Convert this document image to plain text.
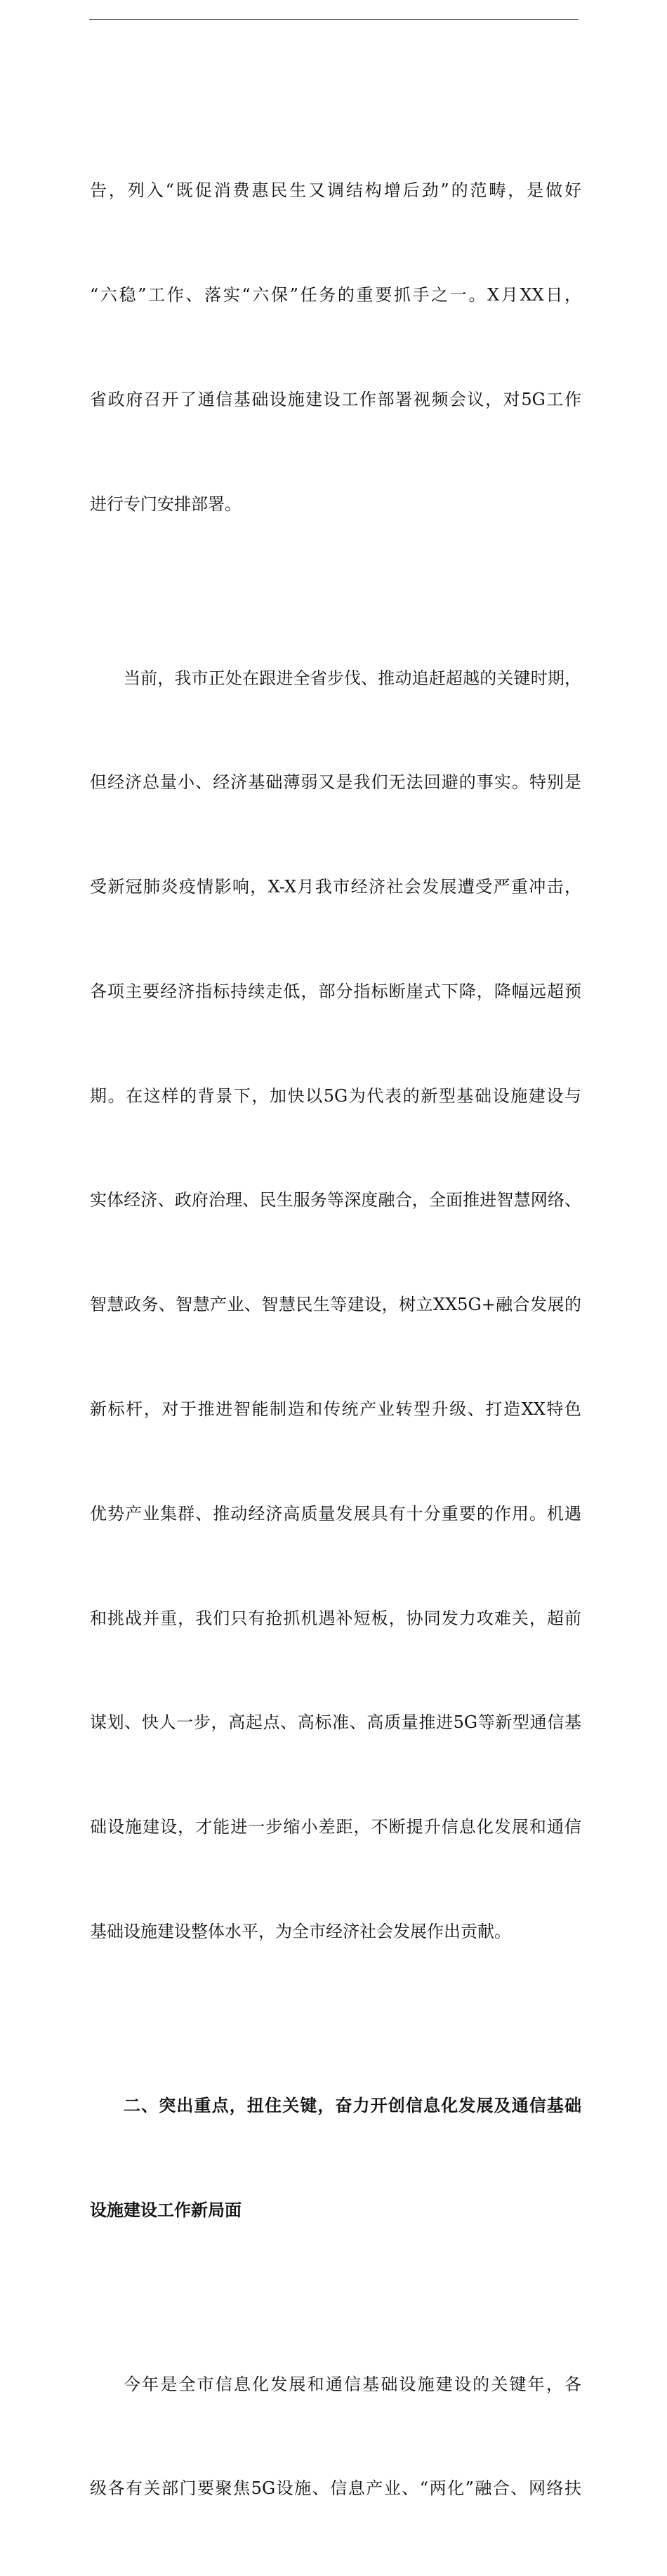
告，列入“既促消费惠民生又调结构增后劲”的范畴，是做好

“六稳”工作、落实“六保”任务的重要抓手之一。X月XX日，

省政府召开了通信基础设施建设工作部署视频会议，对5G工作

进行专门安排部署。

当前，我市正处在跟进全省步伐、推动追赶超越的关键时期，

但经济总量小、经济基础薄弱又是我们无法回避的事实。特别是

受新冠肺炎疫情影响，X-X月我市经济社会发展遭受严重冲击，

各项主要经济指标持续走低，部分指标断崖式下降，降幅远超预

期。在这样的背景下，加快以5G为代表的新型基础设施建设与

实体经济、政府治理、民生服务等深度融合，全面推进智慧网络、

智慧政务、智慧产业、智慧民生等建设，树立XX5G+融合发展的

新标杆，对于推进智能制造和传统产业转型升级、打造XX特色

优势产业集群、推动经济高质量发展具有十分重要的作用。机遇

和挑战并重，我们只有抢抓机遇补短板，协同发力攻难关，超前

谋划、快人一步，高起点、高标准、高质量推进5G等新型通信基

础设施建设，才能进一步缩小差距，不断提升信息化发展和通信

基础设施建设整体水平，为全市经济社会发展作出贡献。

二、突出重点，扭住关键，奋力开创信息化发展及通信基础

设施建设工作新局面

今年是全市信息化发展和通信基础设施建设的关键年，各

级各有关部门要聚焦5G设施、信息产业、“两化”融合、网络扶
